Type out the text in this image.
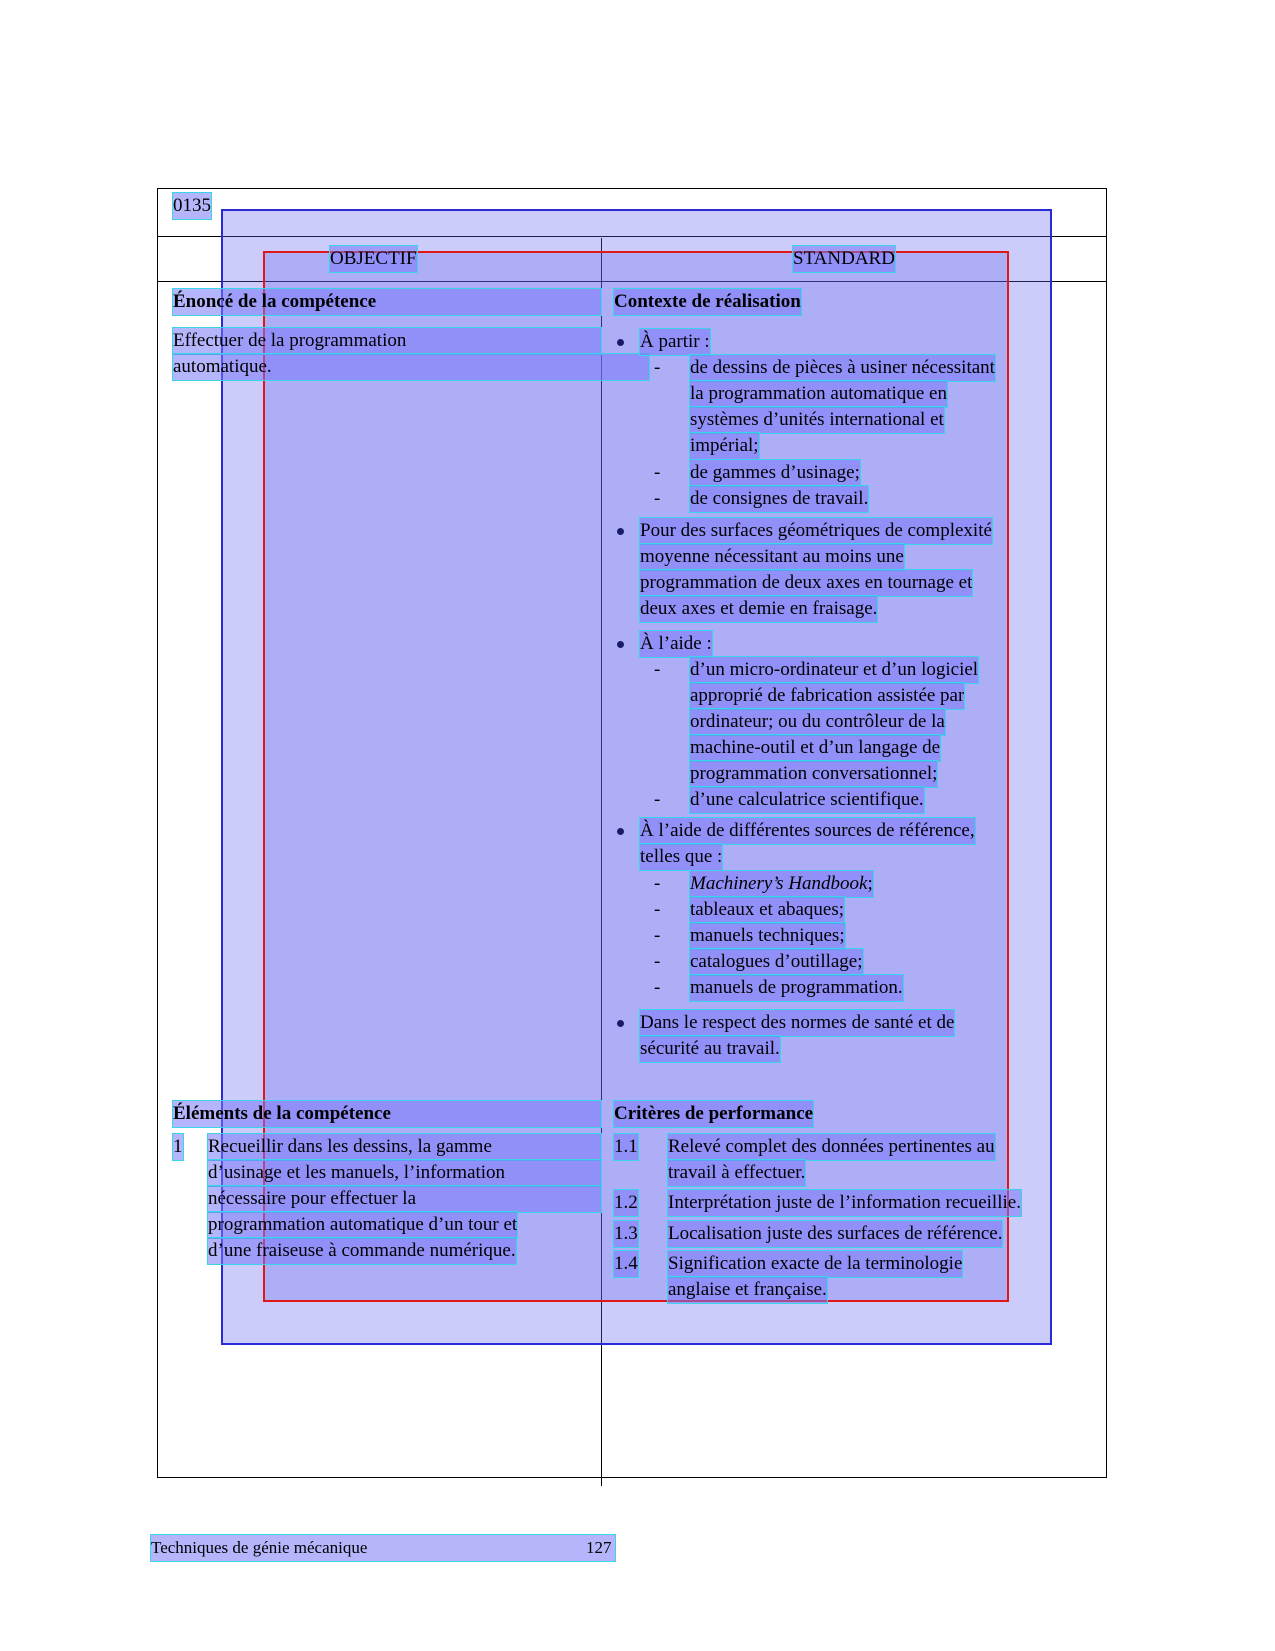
0135
OBJECTIF	STANDARD
Énoncé de la compétence
Effectuer de la programmation
automatique.
Contexte de réalisation
À partir :
- de dessins de pièces à usiner nécessitant
la programmation automatique en
systèmes d’unités international et
impérial;
- de gammes d’usinage;
- de consignes de travail.
Pour des surfaces géométriques de complexité
moyenne nécessitant au moins une
programmation de deux axes en tournage et
deux axes et demie en fraisage.
À l’aide :
- d’un micro-ordinateur et d’un logiciel
approprié de fabrication assistée par
ordinateur; ou du contrôleur de la
machine-outil et d’un langage de
programmation conversationnel;
- d’une calculatrice scientifique.
À l’aide de différentes sources de référence,
telles que :
- Machinery’s Handbook;
- tableaux et abaques;
- manuels techniques;
- catalogues d’outillage;
- manuels de programmation.
Dans le respect des normes de santé et de
sécurité au travail.
Éléments de la compétence
1 Recueillir dans les dessins, la gamme
d’usinage et les manuels, l’information
nécessaire pour effectuer la
programmation automatique d’un tour et
d’une fraiseuse à commande numérique.
Critères de performance
1.1 Relevé complet des données pertinentes au
travail à effectuer.
1.2 Interprétation juste de l’information recueillie.
1.3 Localisation juste des surfaces de référence.
1.4 Signification exacte de la terminologie
anglaise et française.
Techniques de génie mécanique	127
